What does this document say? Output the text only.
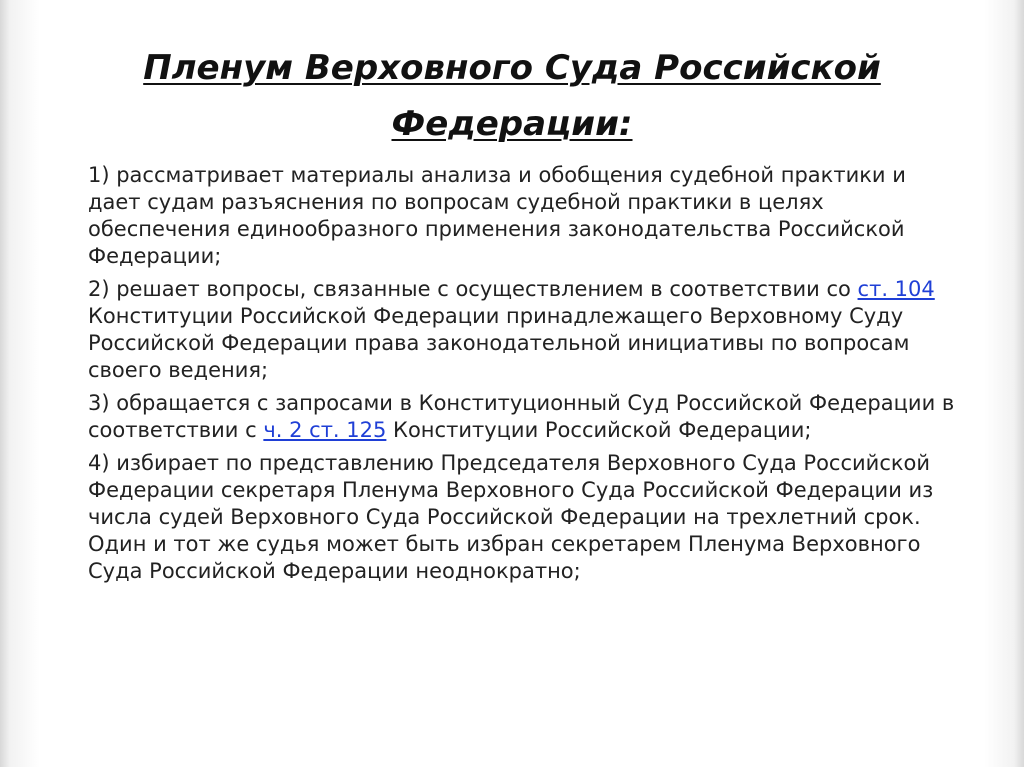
Пленум Верховного Суда Российской Федерации:

1) рассматривает материалы анализа и обобщения судебной практики и дает судам разъяснения по вопросам судебной практики в целях обеспечения единообразного применения законодательства Российской Федерации;

2) решает вопросы, связанные с осуществлением в соответствии со ст. 104 Конституции Российской Федерации принадлежащего Верховному Суду Российской Федерации права законодательной инициативы по вопросам своего ведения;

3) обращается с запросами в Конституционный Суд Российской Федерации в соответствии с ч. 2 ст. 125 Конституции Российской Федерации;

4) избирает по представлению Председателя Верховного Суда Российской Федерации секретаря Пленума Верховного Суда Российской Федерации из числа судей Верховного Суда Российской Федерации на трехлетний срок. Один и тот же судья может быть избран секретарем Пленума Верховного Суда Российской Федерации неоднократно;
